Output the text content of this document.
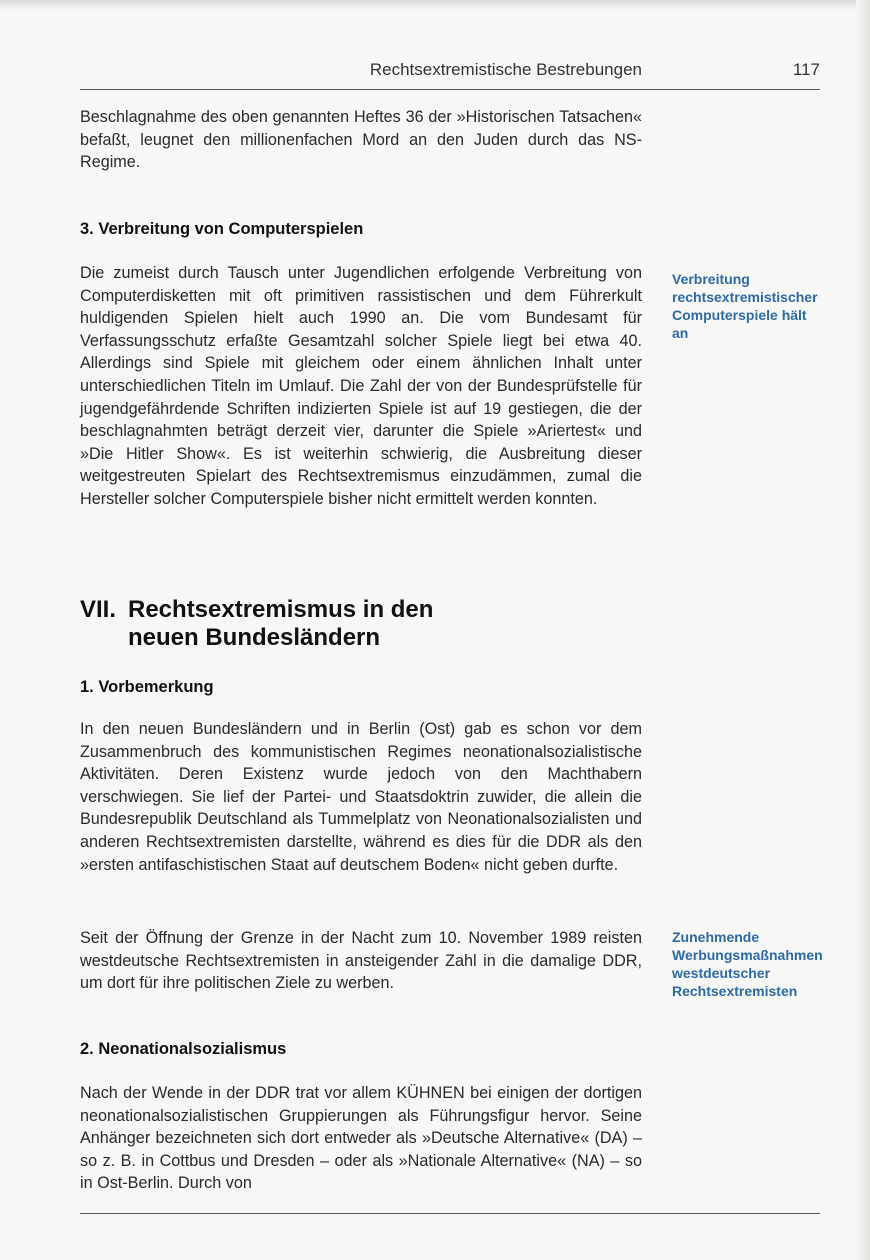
Rechtsextremistische Bestrebungen	117

Beschlagnahme des oben genannten Heftes 36 der »Historischen Tatsachen« befaßt, leugnet den millionenfachen Mord an den Juden durch das NS-Regime.

3. Verbreitung von Computerspielen

Die zumeist durch Tausch unter Jugendlichen erfolgende Verbreitung von Computerdisketten mit oft primitiven rassistischen und dem Führerkult huldigenden Spielen hielt auch 1990 an. Die vom Bundesamt für Verfassungsschutz erfaßte Gesamtzahl solcher Spiele liegt bei etwa 40. Allerdings sind Spiele mit gleichem oder einem ähnlichen Inhalt unter unterschiedlichen Titeln im Umlauf. Die Zahl der von der Bundesprüfstelle für jugendgefährdende Schriften indizierten Spiele ist auf 19 gestiegen, die der beschlagnahmten beträgt derzeit vier, darunter die Spiele »Ariertest« und »Die Hitler Show«. Es ist weiterhin schwierig, die Ausbreitung dieser weitgestreuten Spielart des Rechtsextremismus einzudämmen, zumal die Hersteller solcher Computerspiele bisher nicht ermittelt werden konnten.

Verbreitung rechtsextremistischer Computerspiele hält an
VII. Rechtsextremismus in den
neuen Bundesländern
1. Vorbemerkung

In den neuen Bundesländern und in Berlin (Ost) gab es schon vor dem Zusammenbruch des kommunistischen Regimes neonationalsozialistische Aktivitäten. Deren Existenz wurde jedoch von den Machthabern verschwiegen. Sie lief der Partei- und Staatsdoktrin zuwider, die allein die Bundesrepublik Deutschland als Tummelplatz von Neonationalsozialisten und anderen Rechtsextremisten darstellte, während es dies für die DDR als den »ersten antifaschistischen Staat auf deutschem Boden« nicht geben durfte.

Seit der Öffnung der Grenze in der Nacht zum 10. November 1989 reisten westdeutsche Rechtsextremisten in ansteigender Zahl in die damalige DDR, um dort für ihre politischen Ziele zu werben.

Zunehmende Werbungsmaßnahmen westdeutscher Rechtsextremisten
2. Neonationalsozialismus

Nach der Wende in der DDR trat vor allem KÜHNEN bei einigen der dortigen neonationalsozialistischen Gruppierungen als Führungsfigur hervor. Seine Anhänger bezeichneten sich dort entweder als »Deutsche Alternative« (DA) – so z. B. in Cottbus und Dresden – oder als »Nationale Alternative« (NA) – so in Ost-Berlin. Durch von
